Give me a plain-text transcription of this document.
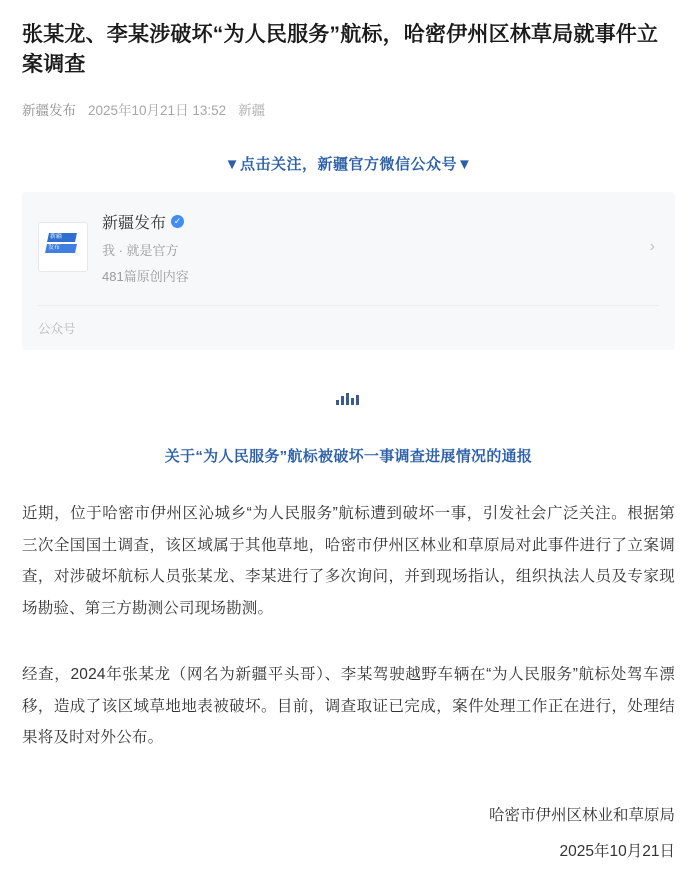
张某龙、李某涉破坏“为人民服务”航标，哈密伊州区林草局就事件立案调查
新疆发布 2025年10月21日 13:52 新疆
▼点击关注，新疆官方微信公众号▼
新疆
发布
新疆发布
✓
我 · 就是官方
481篇原创内容
›
公众号
关于“为人民服务”航标被破坏一事调查进展情况的通报

近期，位于哈密市伊州区沁城乡“为人民服务”航标遭到破坏一事，引发社会广泛关注。根据第三次全国国土调查，该区域属于其他草地，哈密市伊州区林业和草原局对此事件进行了立案调查，对涉破坏航标人员张某龙、李某进行了多次询问，并到现场指认，组织执法人员及专家现场勘验、第三方勘测公司现场勘测。

经查，2024年张某龙（网名为新疆平头哥）、李某驾驶越野车辆在“为人民服务”航标处驾车漂移，造成了该区域草地地表被破坏。目前，调查取证已完成，案件处理工作正在进行，处理结果将及时对外公布。

哈密市伊州区林业和草原局
2025年10月21日
